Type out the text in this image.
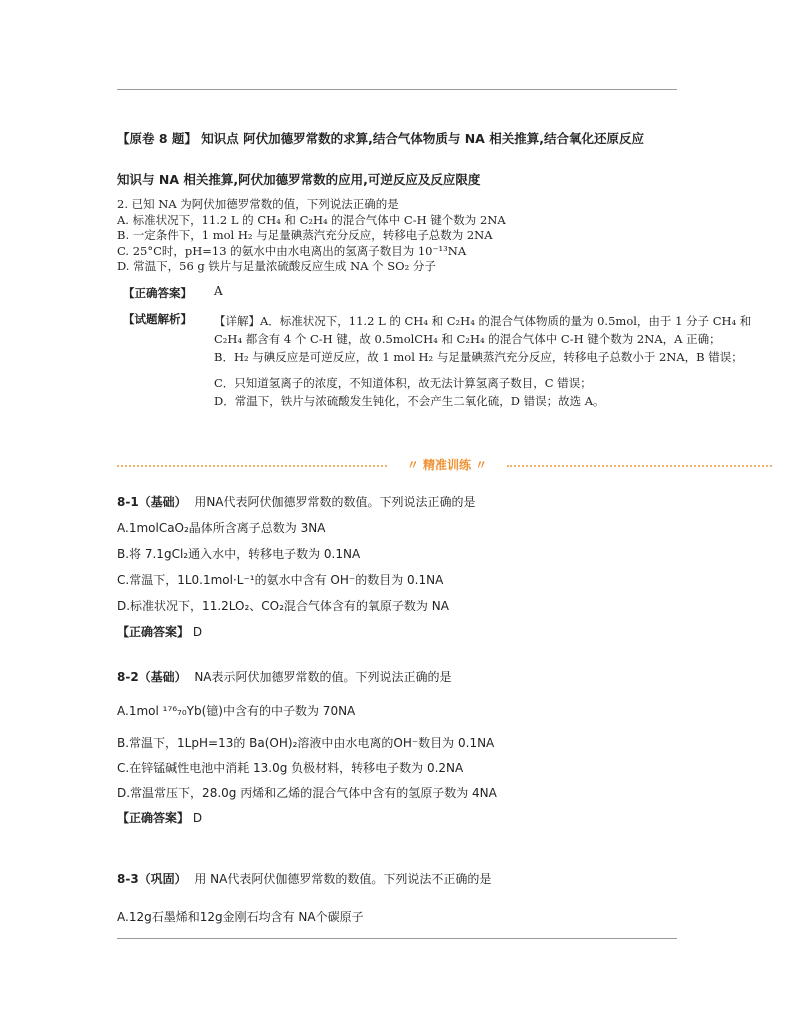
【原卷 8 题】 知识点 阿伏加德罗常数的求算,结合气体物质与 NA 相关推算,结合氧化还原反应
知识与 NA 相关推算,阿伏加德罗常数的应用,可逆反应及反应限度
2. 已知 NA 为阿伏加德罗常数的值，下列说法正确的是
A. 标准状况下，11.2 L 的 CH₄ 和 C₂H₄ 的混合气体中 C-H 键个数为 2NA
B. 一定条件下，1 mol H₂ 与足量碘蒸汽充分反应，转移电子总数为 2NA
C. 25°C时，pH=13 的氨水中由水电离出的氢离子数目为 10⁻¹³NA
D. 常温下，56 g 铁片与足量浓硫酸反应生成 NA 个 SO₂ 分子
【正确答案】 A
【试题解析】 【详解】A．标准状况下，11.2 L 的 CH₄ 和 C₂H₄ 的混合气体物质的量为 0.5mol，由于 1 分子 CH₄ 和 C₂H₄ 都含有 4 个 C-H 键，故 0.5molCH₄ 和 C₂H₄ 的混合气体中 C-H 键个数为 2NA，A 正确；

B．H₂ 与碘反应是可逆反应，故 1 mol H₂ 与足量碘蒸汽充分反应，转移电子总数小于 2NA，B 错误；

C．只知道氢离子的浓度，不知道体积，故无法计算氢离子数目，C 错误；

D．常温下，铁片与浓硫酸发生钝化，不会产生二氧化硫，D 错误；故选 A。

〃 精准训练 〃
8-1（基础） 用NA代表阿伏伽德罗常数的数值。下列说法正确的是
A.1molCaO₂晶体所含离子总数为 3NA
B.将 7.1gCl₂通入水中，转移电子数为 0.1NA
C.常温下，1L0.1mol·L⁻¹的氨水中含有 OH⁻的数目为 0.1NA
D.标准状况下，11.2LO₂、CO₂混合气体含有的氧原子数为 NA
【正确答案】 D
8-2（基础） NA表示阿伏加德罗常数的值。下列说法正确的是
A.1mol ¹⁷⁶₇₀Yb(镱)中含有的中子数为 70NA
B.常温下，1LpH=13的 Ba(OH)₂溶液中由水电离的OH⁻数目为 0.1NA
C.在锌锰碱性电池中消耗 13.0g 负极材料，转移电子数为 0.2NA
D.常温常压下，28.0g 丙烯和乙烯的混合气体中含有的氢原子数为 4NA
【正确答案】 D
8-3（巩固） 用 NA代表阿伏伽德罗常数的数值。下列说法不正确的是
A.12g石墨烯和12g金刚石均含有 NA个碳原子
